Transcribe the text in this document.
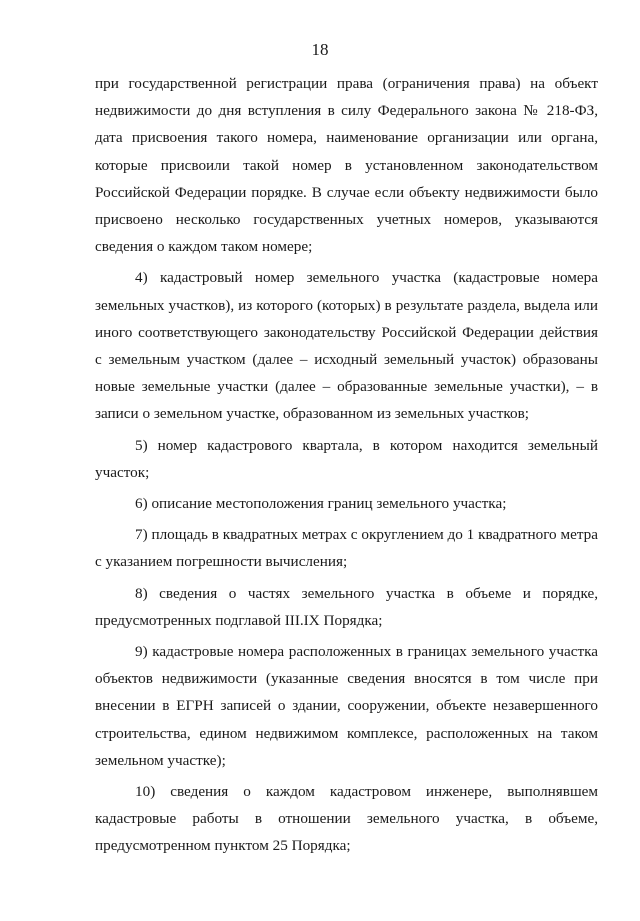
18

при государственной регистрации права (ограничения права) на объект недвижимости до дня вступления в силу Федерального закона № 218-ФЗ, дата присвоения такого номера, наименование организации или органа, которые присвоили такой номер в установленном законодательством Российской Федерации порядке. В случае если объекту недвижимости было присвоено несколько государственных учетных номеров, указываются сведения о каждом таком номере;

4) кадастровый номер земельного участка (кадастровые номера земельных участков), из которого (которых) в результате раздела, выдела или иного соответствующего законодательству Российской Федерации действия с земельным участком (далее – исходный земельный участок) образованы новые земельные участки (далее – образованные земельные участки), – в записи о земельном участке, образованном из земельных участков;

5) номер кадастрового квартала, в котором находится земельный участок;

6) описание местоположения границ земельного участка;

7) площадь в квадратных метрах с округлением до 1 квадратного метра с указанием погрешности вычисления;

8) сведения о частях земельного участка в объеме и порядке, предусмотренных подглавой III.IX Порядка;

9) кадастровые номера расположенных в границах земельного участка объектов недвижимости (указанные сведения вносятся в том числе при внесении в ЕГРН записей о здании, сооружении, объекте незавершенного строительства, едином недвижимом комплексе, расположенных на таком земельном участке);

10) сведения о каждом кадастровом инженере, выполнявшем кадастровые работы в отношении земельного участка, в объеме, предусмотренном пунктом 25 Порядка;
